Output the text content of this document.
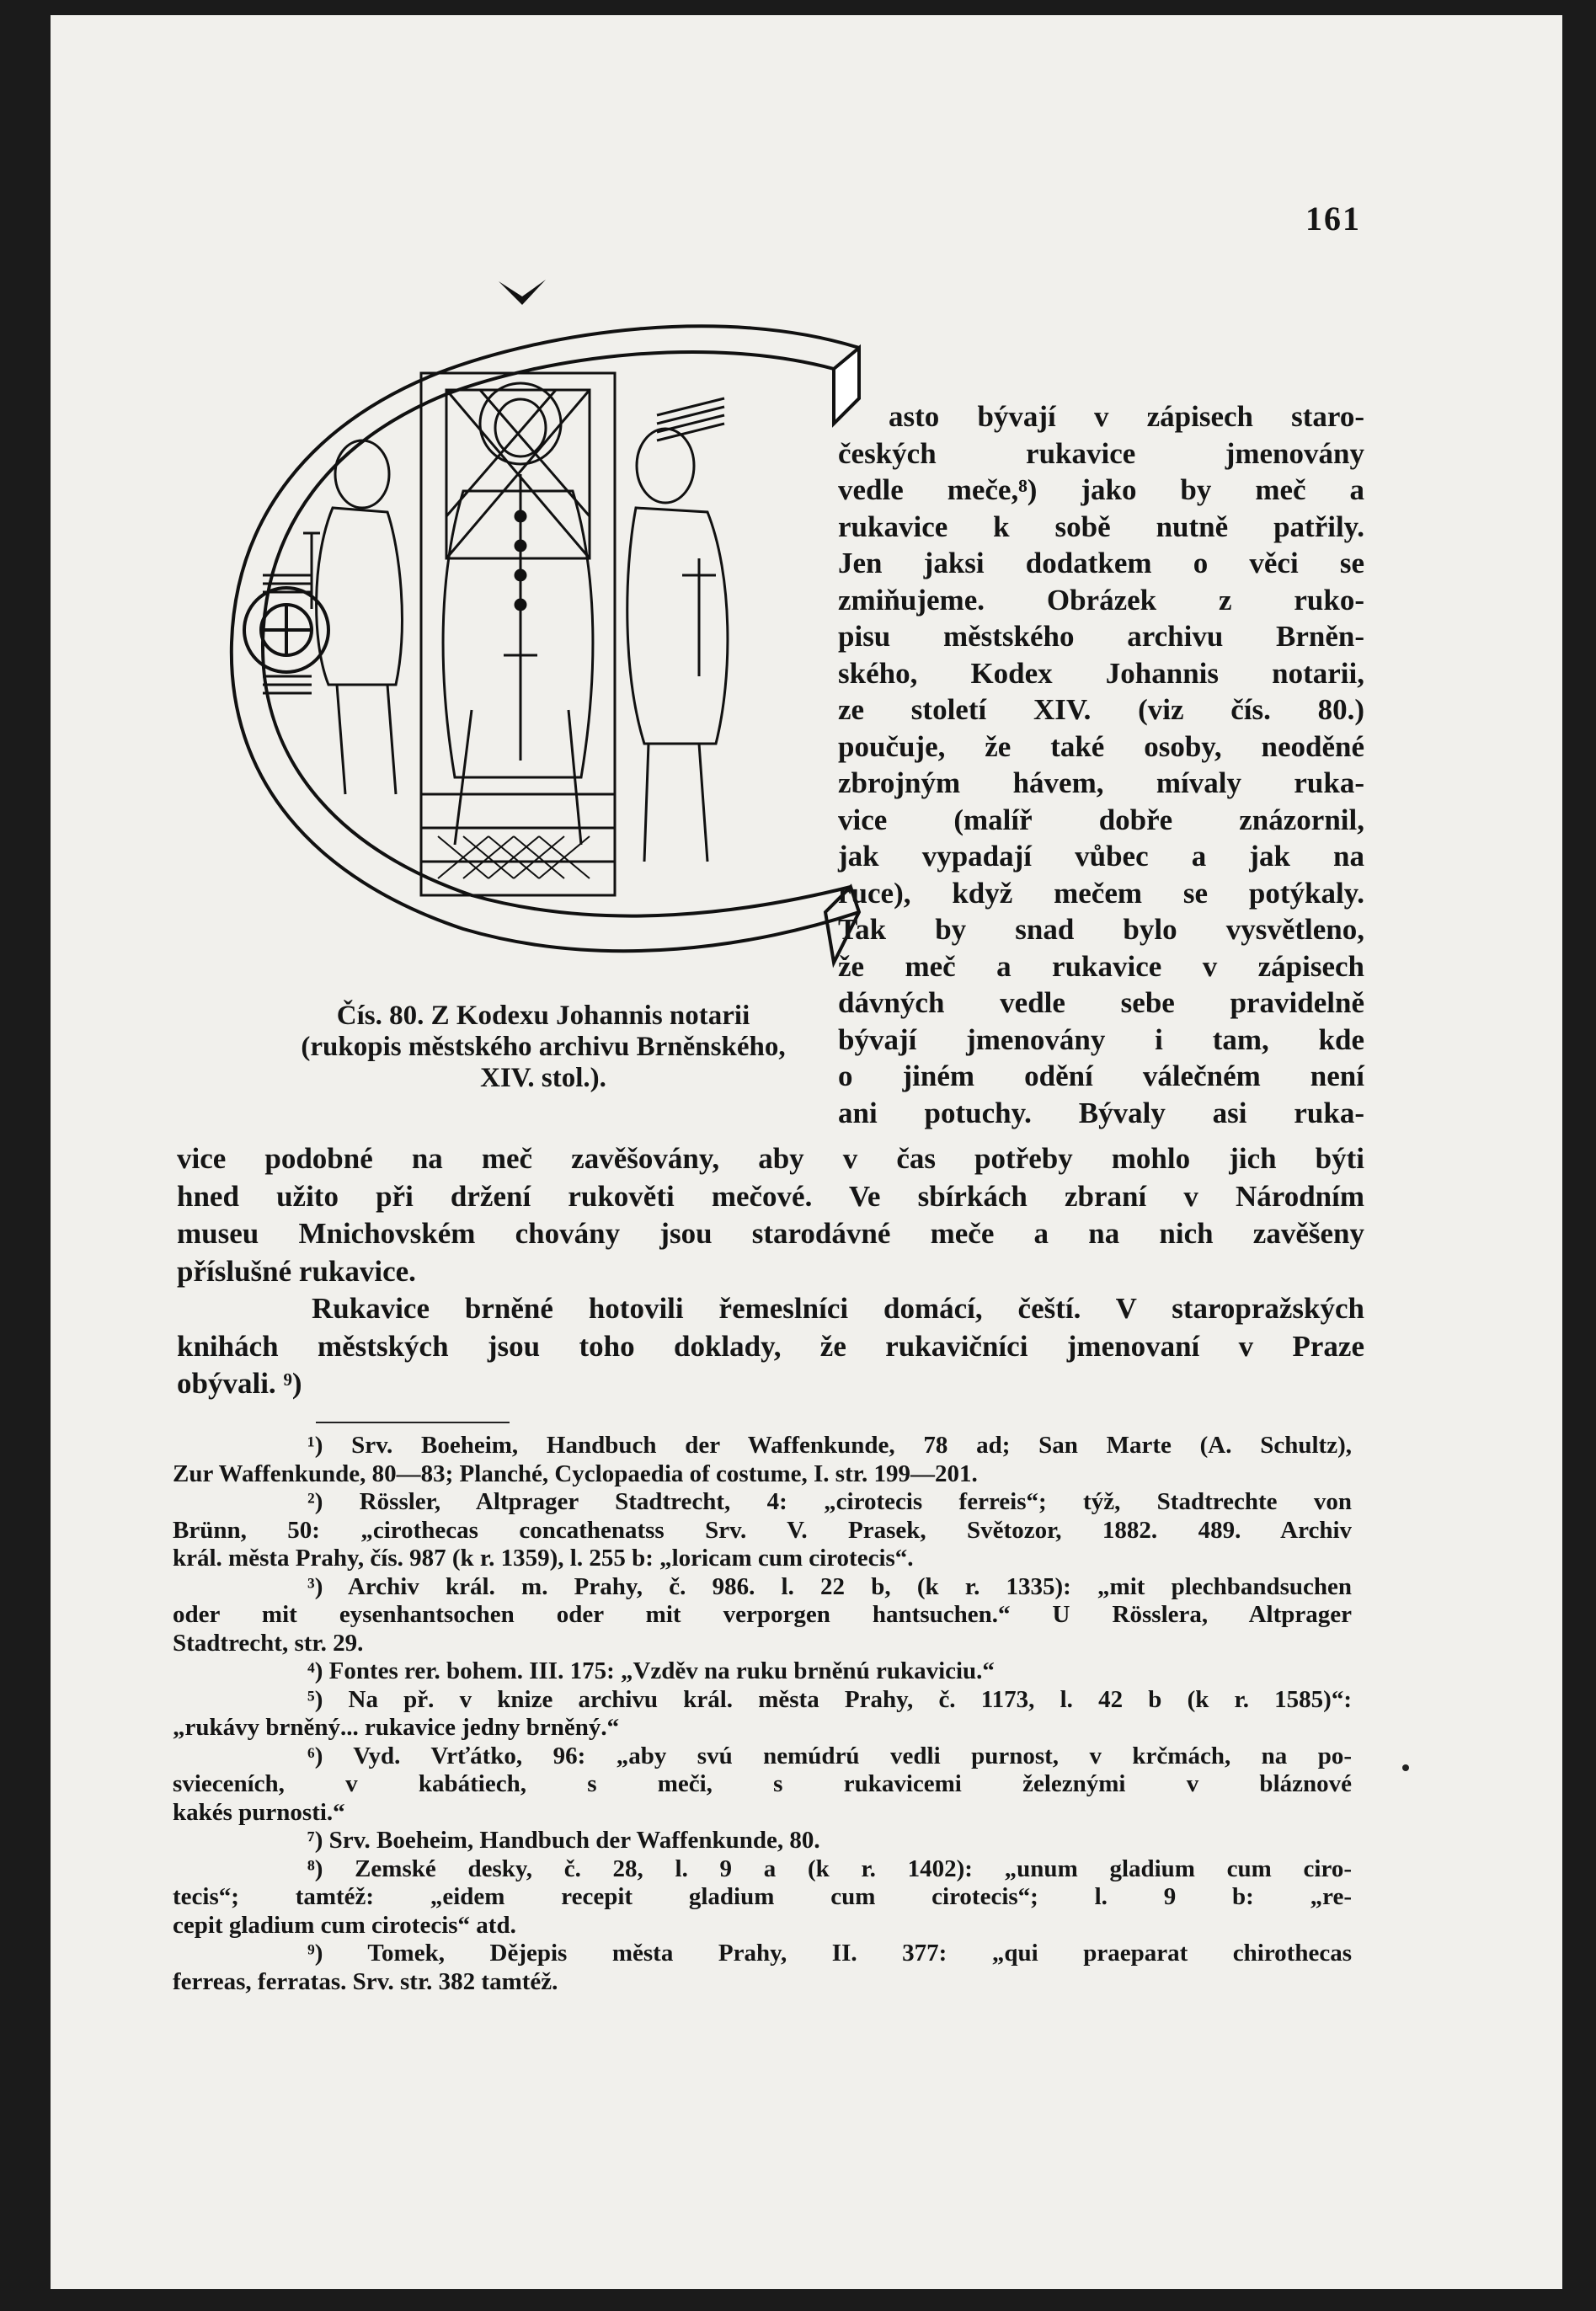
161
Čís. 80. Z Kodexu Johannis notarii
(rukopis městského archivu Brněnského,
XIV. stol.).
asto bývají v zápisech staro-
českých rukavice jmenovány
vedle meče,⁸) jako by meč a
rukavice k sobě nutně patřily.
Jen jaksi dodatkem o věci se
zmiňujeme. Obrázek z ruko-
pisu městského archivu Brněn-
ského, Kodex Johannis notarii,
ze století XIV. (viz čís. 80.)
poučuje, že také osoby, neoděné
zbrojným hávem, mívaly ruka-
vice (malíř dobře znázornil,
jak vypadají vůbec a jak na
ruce), když mečem se potýkaly.
Tak by snad bylo vysvětleno,
že meč a rukavice v zápisech
dávných vedle sebe pravidelně
bývají jmenovány i tam, kde
o jiném odění válečném není
ani potuchy. Bývaly asi ruka-
vice podobné na meč zavěšovány, aby v čas potřeby mohlo jich býti
hned užito při držení rukověti mečové. Ve sbírkách zbraní v Národním
museu Mnichovském chovány jsou starodávné meče a na nich zavěšeny
příslušné rukavice.
Rukavice brněné hotovili řemeslníci domácí, čeští. V staropražských
knihách městských jsou toho doklady, že rukavičníci jmenovaní v Praze
obývali. ⁹)
¹) Srv. Boeheim, Handbuch der Waffenkunde, 78 ad; San Marte (A. Schultz),
Zur Waffenkunde, 80—83; Planché, Cyclopaedia of costume, I. str. 199—201.
²) Rössler, Altprager Stadtrecht, 4: „cirotecis ferreis“; týž, Stadtrechte von
Brünn, 50: „cirothecas concathenatss Srv. V. Prasek, Světozor, 1882. 489. Archiv
král. města Prahy, čís. 987 (k r. 1359), l. 255 b: „loricam cum cirotecis“.
³) Archiv král. m. Prahy, č. 986. l. 22 b, (k r. 1335): „mit plechbandsuchen
oder mit eysenhantsochen oder mit verporgen hantsuchen.“ U Rösslera, Altprager
Stadtrecht, str. 29.
⁴) Fontes rer. bohem. III. 175: „Vzděv na ruku brněnú rukaviciu.“
⁵) Na př. v knize archivu král. města Prahy, č. 1173, l. 42 b (k r. 1585)“:
„rukávy brněný... rukavice jedny brněný.“
⁶) Vyd. Vrťátko, 96: „aby svú nemúdrú vedli purnost, v krčmách, na po-
svieceních, v kabátiech, s meči, s rukavicemi železnými v bláznové
kakés purnosti.“
⁷) Srv. Boeheim, Handbuch der Waffenkunde, 80.
⁸) Zemské desky, č. 28, l. 9 a (k r. 1402): „unum gladium cum ciro-
tecis“; tamtéž: „eidem recepit gladium cum cirotecis“; l. 9 b: „re-
cepit gladium cum cirotecis“ atd.
⁹) Tomek, Dějepis města Prahy, II. 377: „qui praeparat chirothecas
ferreas, ferratas. Srv. str. 382 tamtéž.
